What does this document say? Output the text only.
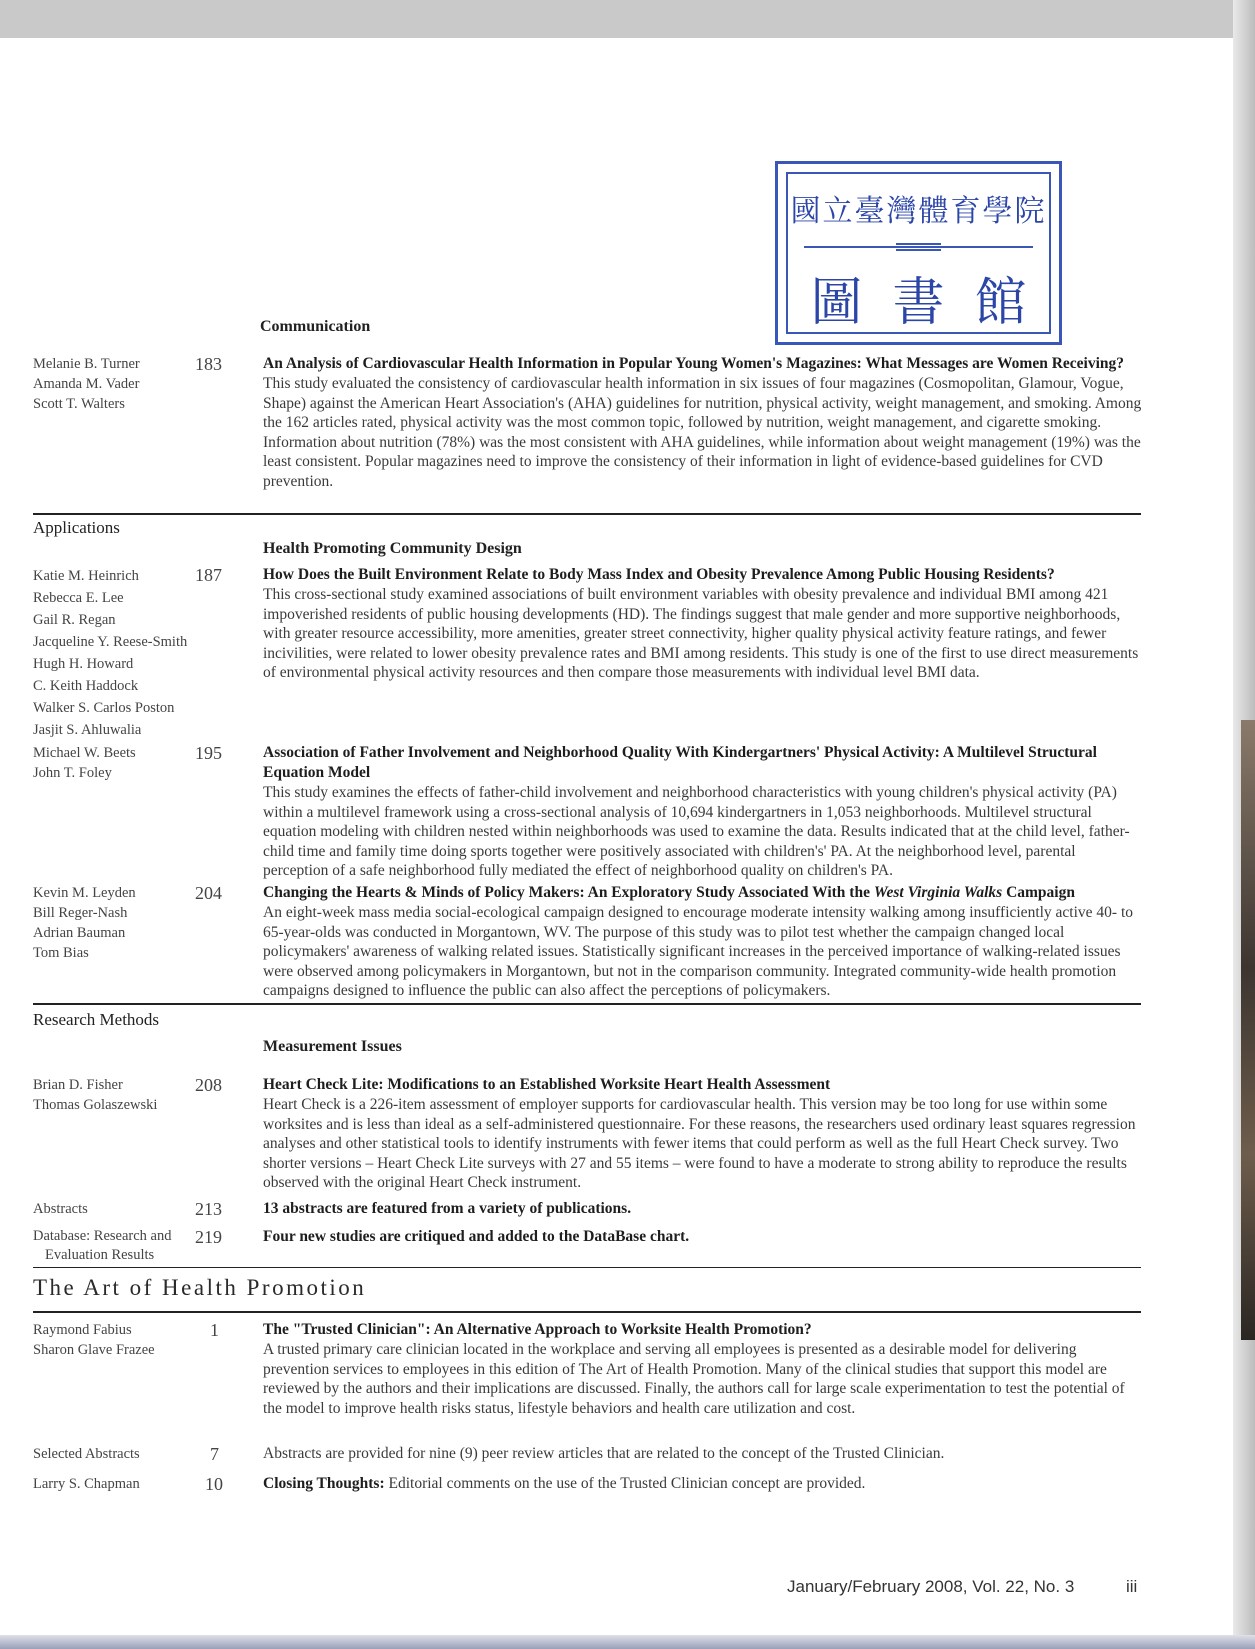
國立臺灣體育學院
圖書館
Communication
Melanie B. Turner
Amanda M. Vader
Scott T. Walters
183	An Analysis of Cardiovascular Health Information in Popular Young Women's Magazines: What Messages are Women Receiving?
This study evaluated the consistency of cardiovascular health information in six issues of four magazines (Cosmopolitan, Glamour, Vogue, Shape) against the American Heart Association's (AHA) guidelines for nutrition, physical activity, weight management, and smoking. Among the 162 articles rated, physical activity was the most common topic, followed by nutrition, weight management, and cigarette smoking. Information about nutrition (78%) was the most consistent with AHA guidelines, while information about weight management (19%) was the least consistent. Popular magazines need to improve the consistency of their information in light of evidence-based guidelines for CVD prevention.
Applications
Health Promoting Community Design
Katie M. Heinrich
Rebecca E. Lee
Gail R. Regan
Jacqueline Y. Reese-Smith
Hugh H. Howard
C. Keith Haddock
Walker S. Carlos Poston
Jasjit S. Ahluwalia
187	How Does the Built Environment Relate to Body Mass Index and Obesity Prevalence Among Public Housing Residents?
This cross-sectional study examined associations of built environment variables with obesity prevalence and individual BMI among 421 impoverished residents of public housing developments (HD). The findings suggest that male gender and more supportive neighborhoods, with greater resource accessibility, more amenities, greater street connectivity, higher quality physical activity feature ratings, and fewer incivilities, were related to lower obesity prevalence rates and BMI among residents. This study is one of the first to use direct measurements of environmental physical activity resources and then compare those measurements with individual level BMI data.
Michael W. Beets
John T. Foley
195	Association of Father Involvement and Neighborhood Quality With Kindergartners' Physical Activity: A Multilevel Structural Equation Model
This study examines the effects of father-child involvement and neighborhood characteristics with young children's physical activity (PA) within a multilevel framework using a cross-sectional analysis of 10,694 kindergartners in 1,053 neighborhoods. Multilevel structural equation modeling with children nested within neighborhoods was used to examine the data. Results indicated that at the child level, father-child time and family time doing sports together were positively associated with children's' PA. At the neighborhood level, parental perception of a safe neighborhood fully mediated the effect of neighborhood quality on children's PA.
Kevin M. Leyden
Bill Reger-Nash
Adrian Bauman
Tom Bias
204	Changing the Hearts & Minds of Policy Makers: An Exploratory Study Associated With the West Virginia Walks Campaign
An eight-week mass media social-ecological campaign designed to encourage moderate intensity walking among insufficiently active 40- to 65-year-olds was conducted in Morgantown, WV. The purpose of this study was to pilot test whether the campaign changed local policymakers' awareness of walking related issues. Statistically significant increases in the perceived importance of walking-related issues were observed among policymakers in Morgantown, but not in the comparison community. Integrated community-wide health promotion campaigns designed to influence the public can also affect the perceptions of policymakers.
Research Methods
Measurement Issues
Brian D. Fisher
Thomas Golaszewski
208	Heart Check Lite: Modifications to an Established Worksite Heart Health Assessment
Heart Check is a 226-item assessment of employer supports for cardiovascular health. This version may be too long for use within some worksites and is less than ideal as a self-administered questionnaire. For these reasons, the researchers used ordinary least squares regression analyses and other statistical tools to identify instruments with fewer items that could perform as well as the full Heart Check survey. Two shorter versions – Heart Check Lite surveys with 27 and 55 items – were found to have a moderate to strong ability to reproduce the results observed with the original Heart Check instrument.
Abstracts	213	13 abstracts are featured from a variety of publications.
Database: Research and
Evaluation Results
219	Four new studies are critiqued and added to the DataBase chart.
The Art of Health Promotion
Raymond Fabius
Sharon Glave Frazee
1	The "Trusted Clinician": An Alternative Approach to Worksite Health Promotion?
A trusted primary care clinician located in the workplace and serving all employees is presented as a desirable model for delivering prevention services to employees in this edition of The Art of Health Promotion. Many of the clinical studies that support this model are reviewed by the authors and their implications are discussed. Finally, the authors call for large scale experimentation to test the potential of the model to improve health risks status, lifestyle behaviors and health care utilization and cost.
Selected Abstracts	7	Abstracts are provided for nine (9) peer review articles that are related to the concept of the Trusted Clinician.
Larry S. Chapman	10	Closing Thoughts: Editorial comments on the use of the Trusted Clinician concept are provided.
January/February 2008, Vol. 22, No. 3	iii
